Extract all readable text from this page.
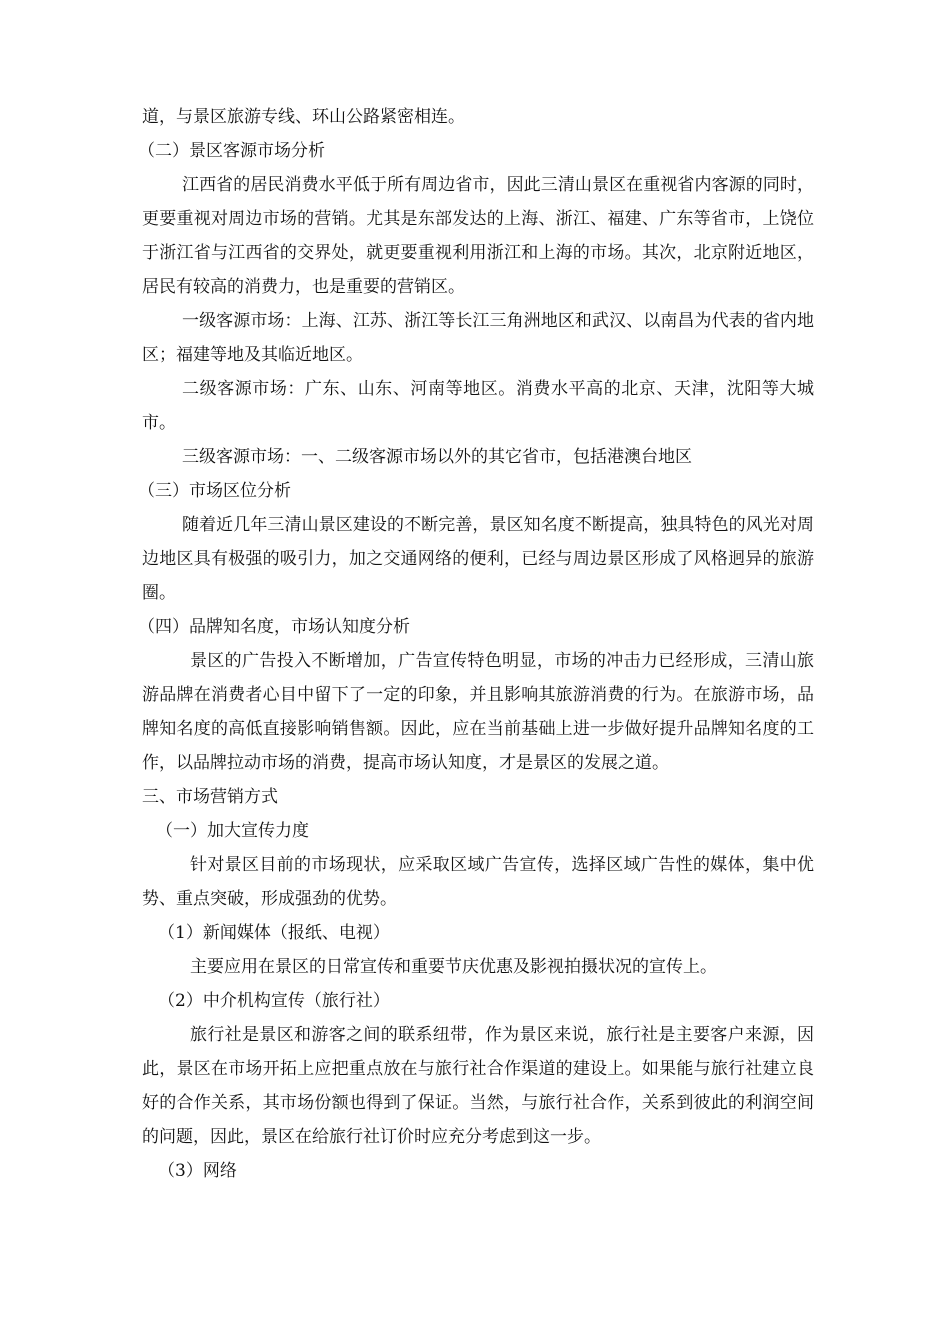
道，与景区旅游专线、环山公路紧密相连。

（二）景区客源市场分析

江西省的居民消费水平低于所有周边省市，因此三清山景区在重视省内客源的同时，更要重视对周边市场的营销。尤其是东部发达的上海、浙江、福建、广东等省市，上饶位于浙江省与江西省的交界处，就更要重视利用浙江和上海的市场。其次，北京附近地区，居民有较高的消费力，也是重要的营销区。

一级客源市场：上海、江苏、浙江等长江三角洲地区和武汉、以南昌为代表的省内地区；福建等地及其临近地区。

二级客源市场：广东、山东、河南等地区。消费水平高的北京、天津，沈阳等大城市。

三级客源市场：一、二级客源市场以外的其它省市，包括港澳台地区

（三）市场区位分析

随着近几年三清山景区建设的不断完善，景区知名度不断提高，独具特色的风光对周边地区具有极强的吸引力，加之交通网络的便利，已经与周边景区形成了风格迥异的旅游圈。

（四）品牌知名度，市场认知度分析

景区的广告投入不断增加，广告宣传特色明显，市场的冲击力已经形成，三清山旅游品牌在消费者心目中留下了一定的印象，并且影响其旅游消费的行为。在旅游市场，品牌知名度的高低直接影响销售额。因此，应在当前基础上进一步做好提升品牌知名度的工作，以品牌拉动市场的消费，提高市场认知度，才是景区的发展之道。

三、市场营销方式

（一）加大宣传力度

针对景区目前的市场现状，应采取区域广告宣传，选择区域广告性的媒体，集中优势、重点突破，形成强劲的优势。

（1）新闻媒体（报纸、电视）

主要应用在景区的日常宣传和重要节庆优惠及影视拍摄状况的宣传上。

（2）中介机构宣传（旅行社）

旅行社是景区和游客之间的联系纽带，作为景区来说，旅行社是主要客户来源，因此，景区在市场开拓上应把重点放在与旅行社合作渠道的建设上。如果能与旅行社建立良好的合作关系，其市场份额也得到了保证。当然，与旅行社合作，关系到彼此的利润空间的问题，因此，景区在给旅行社订价时应充分考虑到这一步。

（3）网络
